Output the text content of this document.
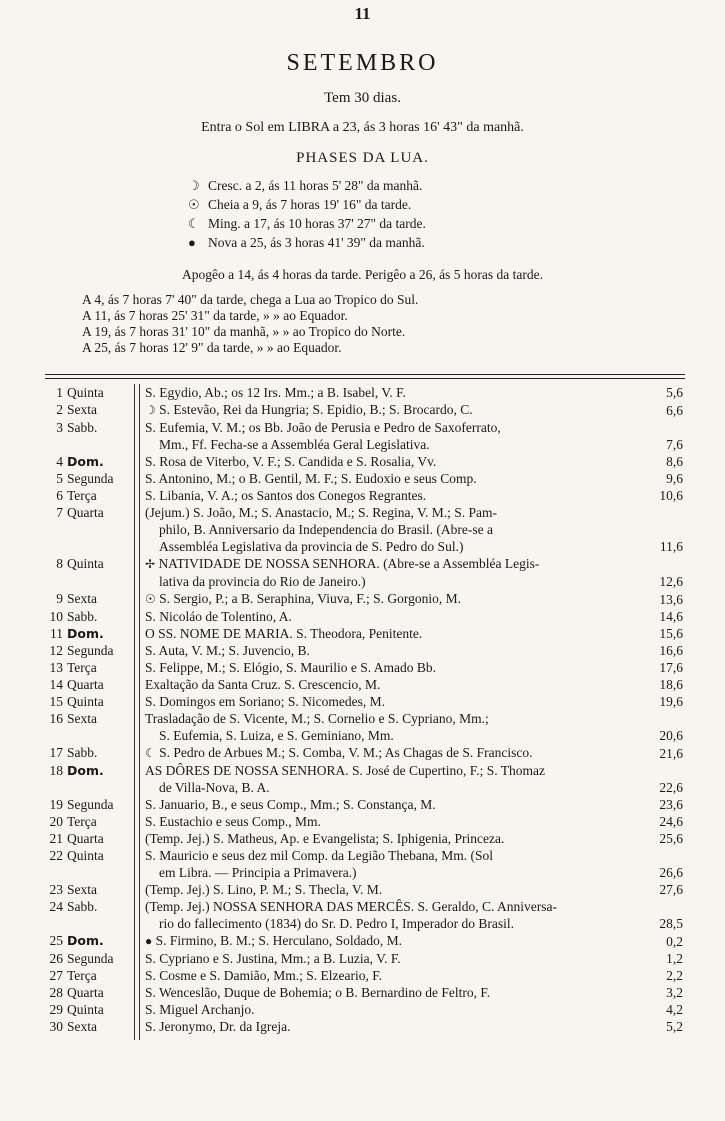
11
SETEMBRO
Tem 30 dias.
Entra o Sol em LIBRA a 23, ás 3 horas 16' 43" da manhã.
PHASES DA LUA.
☽ Cresc. a 2, ás 11 horas 5' 28" da manhã.
☉ Cheia a 9, ás 7 horas 19' 16" da tarde.
☾ Ming. a 17, ás 10 horas 37' 27" da tarde.
● Nova a 25, ás 3 horas 41' 39" da manhã.
Apogêo a 14, ás 4 horas da tarde. Perigêo a 26, ás 5 horas da tarde.
A 4, ás 7 horas 7' 40" da tarde, chega a Lua ao Tropico do Sul.
A 11, ás 7 horas 25' 31" da tarde, » » ao Equador.
A 19, ás 7 horas 31' 10" da manhã, » » ao Tropico do Norte.
A 25, ás 7 horas 12' 9" da tarde, » » ao Equador.
1 Quinta	S. Egydio, Ab.; os 12 Irs. Mm.; a B. Isabel, V. F.	5,6
2 Sexta	☽ S. Estevão, Rei da Hungria; S. Epidio, B.; S. Brocardo, C.	6,6
3 Sabb.	S. Eufemia, V. M.; os Bb. João de Perusia e Pedro de Saxoferrato,
Mm., Ff. Fecha-se a Assembléa Geral Legislativa.	7,6
4 Dom.	S. Rosa de Viterbo, V. F.; S. Candida e S. Rosalia, Vv.	8,6
5 Segunda	S. Antonino, M.; o B. Gentil, M. F.; S. Eudoxio e seus Comp.	9,6
6 Terça	S. Libania, V. A.; os Santos dos Conegos Regrantes.	10,6
7 Quarta	(Jejum.) S. João, M.; S. Anastacio, M.; S. Regina, V. M.; S. Pam-
philo, B. Anniversario da Independencia do Brasil. (Abre-se a
Assembléa Legislativa da provincia de S. Pedro do Sul.)	11,6
8 Quinta	✢ NATIVIDADE DE NOSSA SENHORA. (Abre-se a Assembléa Legis-
lativa da provincia do Rio de Janeiro.)	12,6
9 Sexta	☉ S. Sergio, P.; a B. Seraphina, Viuva, F.; S. Gorgonio, M.	13,6
10 Sabb.	S. Nicoláo de Tolentino, A.	14,6
11 Dom.	O SS. NOME DE MARIA. S. Theodora, Penitente.	15,6
12 Segunda	S. Auta, V. M.; S. Juvencio, B.	16,6
13 Terça	S. Felippe, M.; S. Elógio, S. Maurilio e S. Amado Bb.	17,6
14 Quarta	Exaltação da Santa Cruz. S. Crescencio, M.	18,6
15 Quinta	S. Domingos em Soriano; S. Nicomedes, M.	19,6
16 Sexta	Trasladação de S. Vicente, M.; S. Cornelio e S. Cypriano, Mm.;
S. Eufemia, S. Luiza, e S. Geminiano, Mm.	20,6
17 Sabb.	☾ S. Pedro de Arbues M.; S. Comba, V. M.; As Chagas de S. Francisco.	21,6
18 Dom.	AS DÔRES DE NOSSA SENHORA. S. José de Cupertino, F.; S. Thomaz
de Villa-Nova, B. A.	22,6
19 Segunda	S. Januario, B., e seus Comp., Mm.; S. Constança, M.	23,6
20 Terça	S. Eustachio e seus Comp., Mm.	24,6
21 Quarta	(Temp. Jej.) S. Matheus, Ap. e Evangelista; S. Iphigenia, Princeza.	25,6
22 Quinta	S. Mauricio e seus dez mil Comp. da Legião Thebana, Mm. (Sol
em Libra. — Principia a Primavera.)	26,6
23 Sexta	(Temp. Jej.) S. Lino, P. M.; S. Thecla, V. M.	27,6
24 Sabb.	(Temp. Jej.) NOSSA SENHORA DAS MERCÊS. S. Geraldo, C. Anniversa-
rio do fallecimento (1834) do Sr. D. Pedro I, Imperador do Brasil.	28,5
25 Dom.	● S. Firmino, B. M.; S. Herculano, Soldado, M.	0,2
26 Segunda	S. Cypriano e S. Justina, Mm.; a B. Luzia, V. F.	1,2
27 Terça	S. Cosme e S. Damião, Mm.; S. Elzeario, F.	2,2
28 Quarta	S. Wenceslão, Duque de Bohemia; o B. Bernardino de Feltro, F.	3,2
29 Quinta	S. Miguel Archanjo.	4,2
30 Sexta	S. Jeronymo, Dr. da Igreja.	5,2
